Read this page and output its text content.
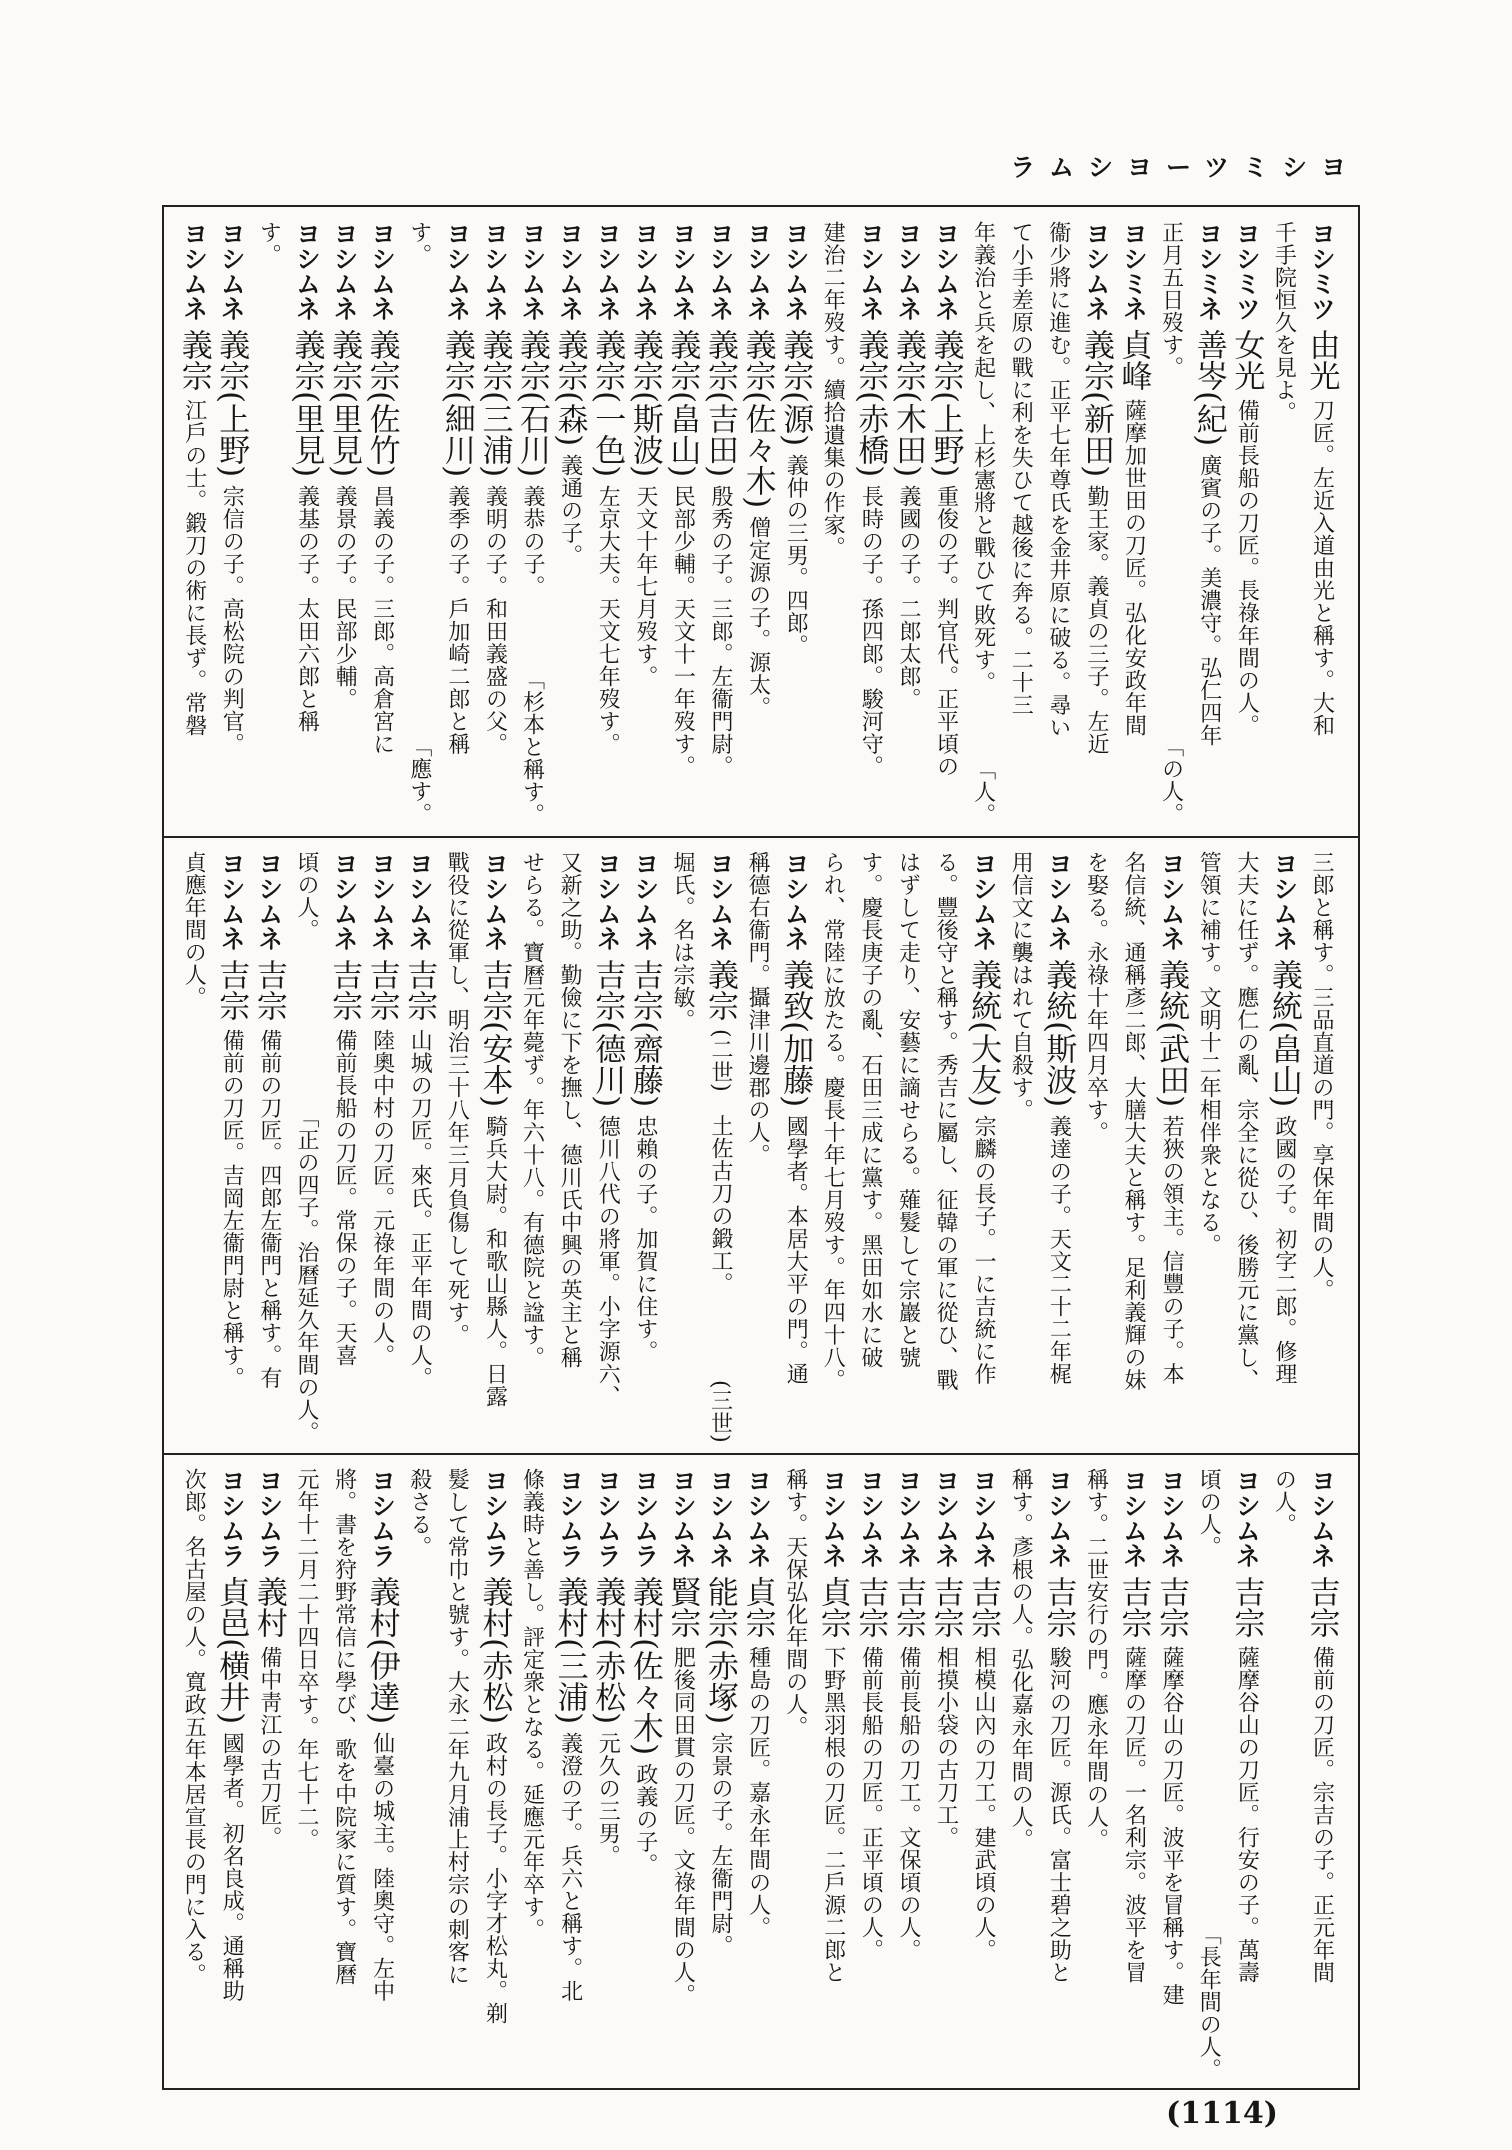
ヨシミツーヨシムラ
ヨシミツ由光刀匠。左近入道由光と稱す。大和
千手院恒久を見よ。
ヨシミツ女光備前長船の刀匠。長祿年間の人。
ヨシミネ善岑(紀)廣賓の子。美濃守。弘仁四年
正月五日歿す。
「の人。
ヨシミネ貞峰薩摩加世田の刀匠。弘化安政年間
ヨシムネ義宗(新田)勤王家。義貞の三子。左近
衞少將に進む。正平七年尊氏を金井原に破る。尋い
て小手差原の戰に利を失ひて越後に奔る。二十三
年義治と兵を起し、上杉憲將と戰ひて敗死す。
「人。
ヨシムネ義宗(上野)重俊の子。判官代。正平頃の
ヨシムネ義宗(木田)義國の子。二郎太郎。
ヨシムネ義宗(赤橋)長時の子。孫四郎。駿河守。
建治二年歿す。續拾遺集の作家。
ヨシムネ義宗(源)義仲の三男。四郎。
ヨシムネ義宗(佐々木)僧定源の子。源太。
ヨシムネ義宗(吉田)殷秀の子。三郎。左衞門尉。
ヨシムネ義宗(畠山)民部少輔。天文十一年歿す。
ヨシムネ義宗(斯波)天文十年七月歿す。
ヨシムネ義宗(一色)左京大夫。天文七年歿す。
ヨシムネ義宗(森)義通の子。
ヨシムネ義宗(石川)義恭の子。
「杉本と稱す。
ヨシムネ義宗(三浦)義明の子。和田義盛の父。
ヨシムネ義宗(細川)義季の子。戶加崎二郎と稱
す。
「應す。
ヨシムネ義宗(佐竹)昌義の子。三郎。高倉宮に
ヨシムネ義宗(里見)義景の子。民部少輔。
ヨシムネ義宗(里見)義基の子。太田六郎と稱
す。
ヨシムネ義宗(上野)宗信の子。高松院の判官。
ヨシムネ義宗江戶の士。鍛刀の術に長ず。常磐
三郎と稱す。三品直道の門。享保年間の人。
ヨシムネ義統(畠山)政國の子。初字二郎。修理
大夫に任ず。應仁の亂、宗全に從ひ、後勝元に黨し、
管領に補す。文明十二年相伴衆となる。
ヨシムネ義統(武田)若狹の領主。信豐の子。本
名信統、通稱彥二郎、大膳大夫と稱す。足利義輝の妹
を娶る。永祿十年四月卒す。
ヨシムネ義統(斯波)義達の子。天文二十二年梶
用信文に襲はれて自殺す。
ヨシムネ義統(大友)宗麟の長子。一に吉統に作
る。豐後守と稱す。秀吉に屬し、征韓の軍に從ひ、戰
はずして走り、安藝に謫せらる。薙髮して宗巖と號
す。慶長庚子の亂、石田三成に黨す。黑田如水に破
られ、常陸に放たる。慶長十年七月歿す。年四十八。
ヨシムネ義致(加藤)國學者。本居大平の門。通
稱德右衞門。攝津川邊郡の人。
ヨシムネ義宗(二世)　土佐古刀の鍛工。
(三世)
堀氏。名は宗敏。
ヨシムネ吉宗(齋藤)忠賴の子。加賀に住す。
ヨシムネ吉宗(德川)德川八代の將軍。小字源六、
又新之助。勤儉に下を撫し、德川氏中興の英主と稱
せらる。寶曆元年薨ず。年六十八。有德院と諡す。
ヨシムネ吉宗(安本)騎兵大尉。和歌山縣人。日露
戰役に從軍し、明治三十八年三月負傷して死す。
ヨシムネ吉宗山城の刀匠。來氏。正平年間の人。
ヨシムネ吉宗陸奧中村の刀匠。元祿年間の人。
ヨシムネ吉宗備前長船の刀匠。常保の子。天喜
頃の人。
「正の四子。治曆延久年間の人。
ヨシムネ吉宗備前の刀匠。四郎左衞門と稱す。有
ヨシムネ吉宗備前の刀匠。吉岡左衞門尉と稱す。
貞應年間の人。
ヨシムネ吉宗備前の刀匠。宗吉の子。正元年間
の人。
ヨシムネ吉宗薩摩谷山の刀匠。行安の子。萬壽
頃の人。
「長年間の人。
ヨシムネ吉宗薩摩谷山の刀匠。波平を冒稱す。建
ヨシムネ吉宗薩摩の刀匠。一名利宗。波平を冒
稱す。二世安行の門。應永年間の人。
ヨシムネ吉宗駿河の刀匠。源氏。富士碧之助と
稱す。彥根の人。弘化嘉永年間の人。
ヨシムネ吉宗相模山內の刀工。建武頃の人。
ヨシムネ吉宗相摸小袋の古刀工。
ヨシムネ吉宗備前長船の刀工。文保頃の人。
ヨシムネ吉宗備前長船の刀匠。正平頃の人。
ヨシムネ貞宗下野黑羽根の刀匠。二戶源二郎と
稱す。天保弘化年間の人。
ヨシムネ貞宗種島の刀匠。嘉永年間の人。
ヨシムネ能宗(赤塚)宗景の子。左衞門尉。
ヨシムネ賢宗肥後同田貫の刀匠。文祿年間の人。
ヨシムラ義村(佐々木)政義の子。
ヨシムラ義村(赤松)元久の三男。
ヨシムラ義村(三浦)義澄の子。兵六と稱す。北
條義時と善し。評定衆となる。延應元年卒す。
ヨシムラ義村(赤松)政村の長子。小字才松丸。剃
髮して常巾と號す。大永二年九月浦上村宗の刺客に
殺さる。
ヨシムラ義村(伊達)仙臺の城主。陸奧守。左中
將。書を狩野常信に學び、歌を中院家に質す。寶曆
元年十二月二十四日卒す。年七十二。
ヨシムラ義村備中靑江の古刀匠。
ヨシムラ貞邑(横井)國學者。初名良成。通稱助
次郎。名古屋の人。寬政五年本居宣長の門に入る。
(1114)
